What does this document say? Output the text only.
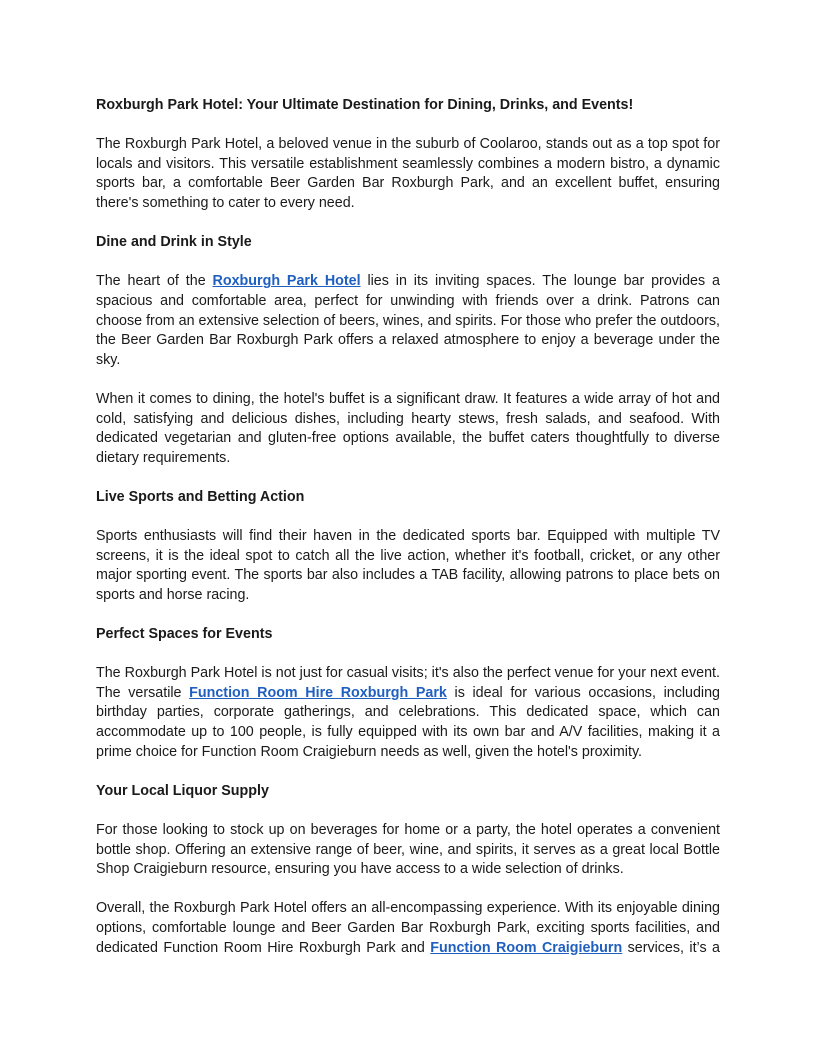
Roxburgh Park Hotel: Your Ultimate Destination for Dining, Drinks, and Events!

The Roxburgh Park Hotel, a beloved venue in the suburb of Coolaroo, stands out as a top spot for locals and visitors. This versatile establishment seamlessly combines a modern bistro, a dynamic sports bar, a comfortable Beer Garden Bar Roxburgh Park, and an excellent buffet, ensuring there's something to cater to every need.

Dine and Drink in Style

The heart of the Roxburgh Park Hotel lies in its inviting spaces. The lounge bar provides a spacious and comfortable area, perfect for unwinding with friends over a drink. Patrons can choose from an extensive selection of beers, wines, and spirits. For those who prefer the outdoors, the Beer Garden Bar Roxburgh Park offers a relaxed atmosphere to enjoy a beverage under the sky.

When it comes to dining, the hotel's buffet is a significant draw. It features a wide array of hot and cold, satisfying and delicious dishes, including hearty stews, fresh salads, and seafood. With dedicated vegetarian and gluten-free options available, the buffet caters thoughtfully to diverse dietary requirements.

Live Sports and Betting Action

Sports enthusiasts will find their haven in the dedicated sports bar. Equipped with multiple TV screens, it is the ideal spot to catch all the live action, whether it's football, cricket, or any other major sporting event. The sports bar also includes a TAB facility, allowing patrons to place bets on sports and horse racing.

Perfect Spaces for Events

The Roxburgh Park Hotel is not just for casual visits; it's also the perfect venue for your next event. The versatile Function Room Hire Roxburgh Park is ideal for various occasions, including birthday parties, corporate gatherings, and celebrations. This dedicated space, which can accommodate up to 100 people, is fully equipped with its own bar and A/V facilities, making it a prime choice for Function Room Craigieburn needs as well, given the hotel's proximity.

Your Local Liquor Supply

For those looking to stock up on beverages for home or a party, the hotel operates a convenient bottle shop. Offering an extensive range of beer, wine, and spirits, it serves as a great local Bottle Shop Craigieburn resource, ensuring you have access to a wide selection of drinks.

Overall, the Roxburgh Park Hotel offers an all-encompassing experience. With its enjoyable dining options, comfortable lounge and Beer Garden Bar Roxburgh Park, exciting sports facilities, and dedicated Function Room Hire Roxburgh Park and Function Room Craigieburn services, it’s a
